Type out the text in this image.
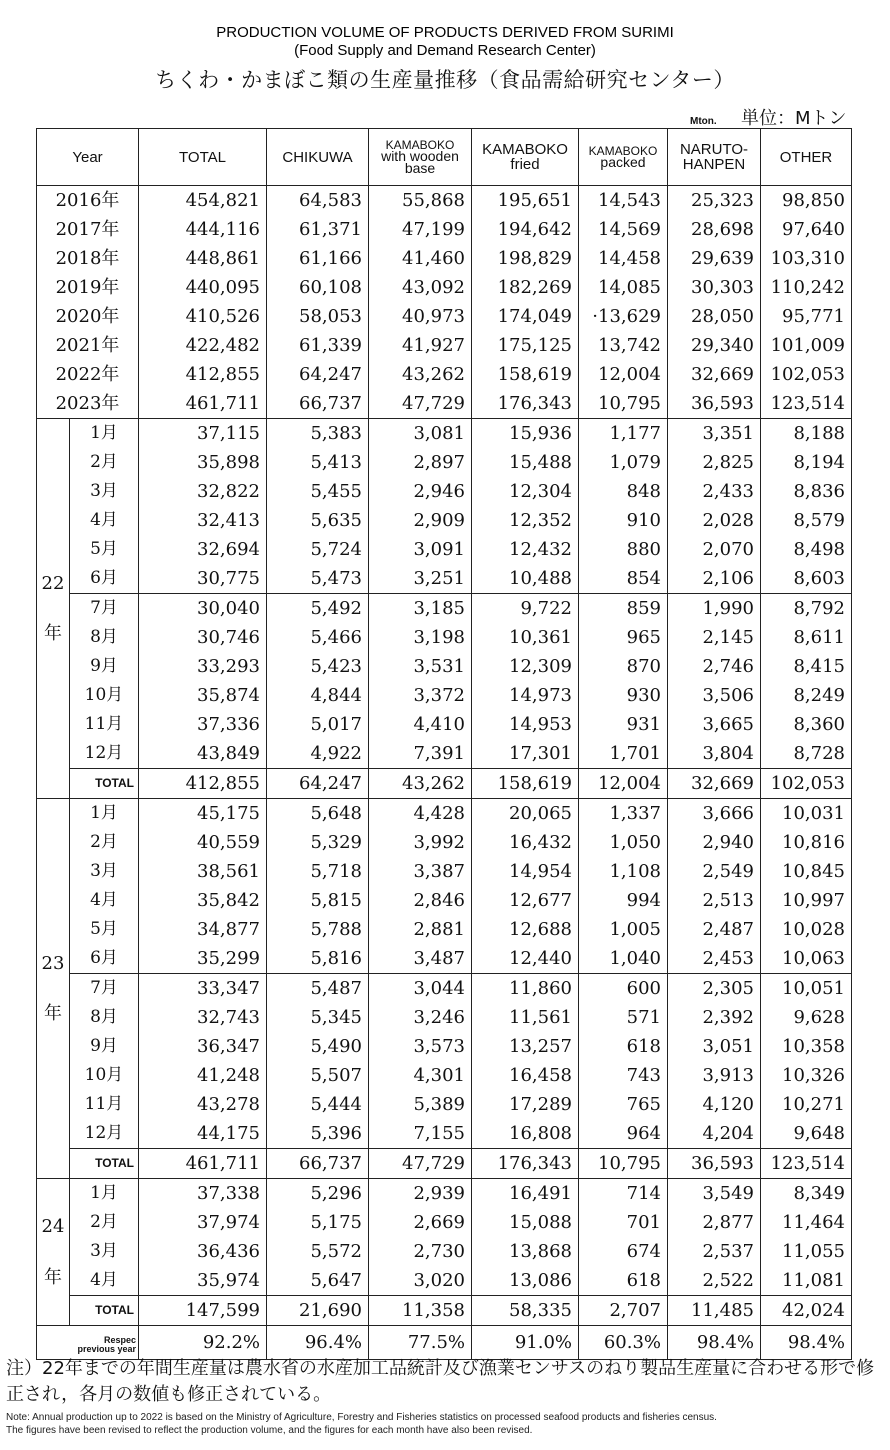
PRODUCTION VOLUME OF PRODUCTS DERIVED FROM SURIMI
(Food Supply and Demand Research Center)
ちくわ・かまぼこ類の生産量推移（食品需給研究センター）
Mton. 単位：Mトン
Year		TOTAL	CHIKUWA	KAMABOKO
with wooden
base	KAMABOKO
fried	KAMABOKO
packed	NARUTO-
HANPEN	OTHER
2016年		454,821	64,583	55,868	195,651	14,543	25,323	98,850
2017年		444,116	61,371	47,199	194,642	14,569	28,698	97,640
2018年		448,861	61,166	41,460	198,829	14,458	29,639	103,310
2019年		440,095	60,108	43,092	182,269	14,085	30,303	110,242
2020年		410,526	58,053	40,973	174,049	·13,629	28,050	95,771
2021年		422,482	61,339	41,927	175,125	13,742	29,340	101,009
2022年		412,855	64,247	43,262	158,619	12,004	32,669	102,053
2023年		461,711	66,737	47,729	176,343	10,795	36,593	123,514
22

年	1月	37,115	5,383	3,081	15,936	1,177	3,351	8,188
	2月	35,898	5,413	2,897	15,488	1,079	2,825	8,194
	3月	32,822	5,455	2,946	12,304	848	2,433	8,836
	4月	32,413	5,635	2,909	12,352	910	2,028	8,579
	5月	32,694	5,724	3,091	12,432	880	2,070	8,498
	6月	30,775	5,473	3,251	10,488	854	2,106	8,603
	7月	30,040	5,492	3,185	9,722	859	1,990	8,792
	8月	30,746	5,466	3,198	10,361	965	2,145	8,611
	9月	33,293	5,423	3,531	12,309	870	2,746	8,415
	10月	35,874	4,844	3,372	14,973	930	3,506	8,249
	11月	37,336	5,017	4,410	14,953	931	3,665	8,360
	12月	43,849	4,922	7,391	17,301	1,701	3,804	8,728
	TOTAL	412,855	64,247	43,262	158,619	12,004	32,669	102,053
23

年	1月	45,175	5,648	4,428	20,065	1,337	3,666	10,031
	2月	40,559	5,329	3,992	16,432	1,050	2,940	10,816
	3月	38,561	5,718	3,387	14,954	1,108	2,549	10,845
	4月	35,842	5,815	2,846	12,677	994	2,513	10,997
	5月	34,877	5,788	2,881	12,688	1,005	2,487	10,028
	6月	35,299	5,816	3,487	12,440	1,040	2,453	10,063
	7月	33,347	5,487	3,044	11,860	600	2,305	10,051
	8月	32,743	5,345	3,246	11,561	571	2,392	9,628
	9月	36,347	5,490	3,573	13,257	618	3,051	10,358
	10月	41,248	5,507	4,301	16,458	743	3,913	10,326
	11月	43,278	5,444	5,389	17,289	765	4,120	10,271
	12月	44,175	5,396	7,155	16,808	964	4,204	9,648
	TOTAL	461,711	66,737	47,729	176,343	10,795	36,593	123,514
24

年	1月	37,338	5,296	2,939	16,491	714	3,549	8,349
	2月	37,974	5,175	2,669	15,088	701	2,877	11,464
	3月	36,436	5,572	2,730	13,868	674	2,537	11,055
	4月	35,974	5,647	3,020	13,086	618	2,522	11,081
	TOTAL	147,599	21,690	11,358	58,335	2,707	11,485	42,024

Respec
previous year		92.2%	96.4%	77.5%	91.0%	60.3%	98.4%	98.4%
注）22年までの年間生産量は農水省の水産加工品統計及び漁業センサスのねり製品生産量に合わせる形で修正され，各月の数値も修正されている。
Note: Annual production up to 2022 is based on the Ministry of Agriculture, Forestry and Fisheries statistics on processed seafood products and fisheries census.
The figures have been revised to reflect the production volume, and the figures for each month have also been revised.
